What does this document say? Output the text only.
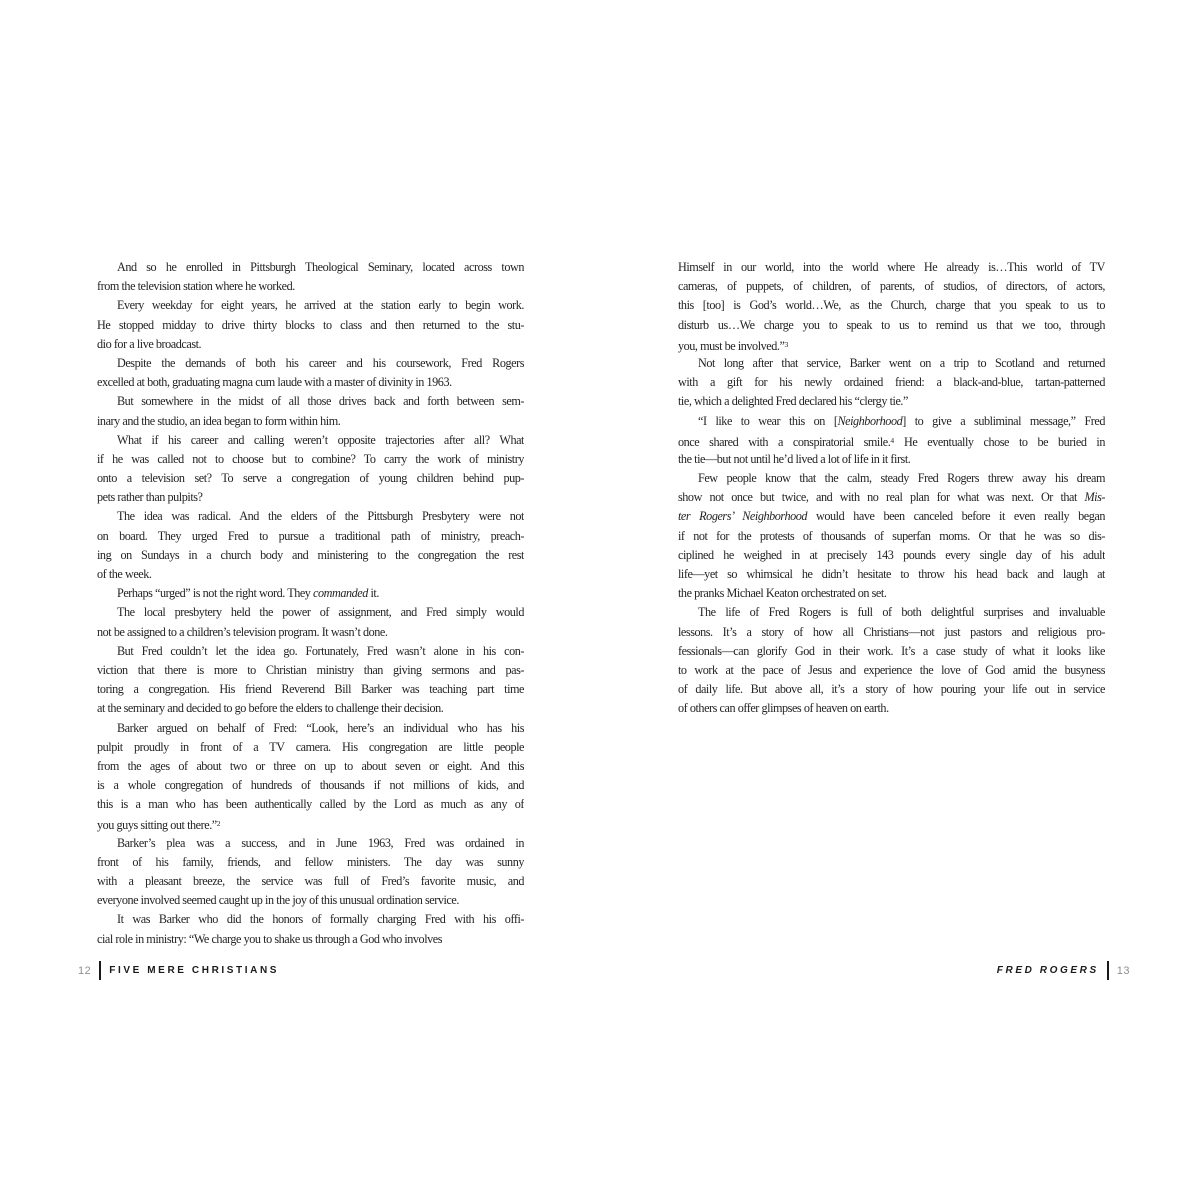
And so he enrolled in Pittsburgh Theological Seminary, located across town
from the television station where he worked.
Every weekday for eight years, he arrived at the station early to begin work.
He stopped midday to drive thirty blocks to class and then returned to the stu-
dio for a live broadcast.
Despite the demands of both his career and his coursework, Fred Rogers
excelled at both, graduating magna cum laude with a master of divinity in 1963.
But somewhere in the midst of all those drives back and forth between sem-
inary and the studio, an idea began to form within him.
What if his career and calling weren’t opposite trajectories after all? What
if he was called not to choose but to combine? To carry the work of ministry
onto a television set? To serve a congregation of young children behind pup-
pets rather than pulpits?
The idea was radical. And the elders of the Pittsburgh Presbytery were not
on board. They urged Fred to pursue a traditional path of ministry, preach-
ing on Sundays in a church body and ministering to the congregation the rest
of the week.
Perhaps “urged” is not the right word. They commanded it.
The local presbytery held the power of assignment, and Fred simply would
not be assigned to a children’s television program. It wasn’t done.
But Fred couldn’t let the idea go. Fortunately, Fred wasn’t alone in his con-
viction that there is more to Christian ministry than giving sermons and pas-
toring a congregation. His friend Reverend Bill Barker was teaching part time
at the seminary and decided to go before the elders to challenge their decision.
Barker argued on behalf of Fred: “Look, here’s an individual who has his
pulpit proudly in front of a TV camera. His congregation are little people
from the ages of about two or three on up to about seven or eight. And this
is a whole congregation of hundreds of thousands if not millions of kids, and
this is a man who has been authentically called by the Lord as much as any of
you guys sitting out there.”$^2$
Barker’s plea was a success, and in June 1963, Fred was ordained in
front of his family, friends, and fellow ministers. The day was sunny
with a pleasant breeze, the service was full of Fred’s favorite music, and
everyone involved seemed caught up in the joy of this unusual ordination service.
It was Barker who did the honors of formally charging Fred with his offi-
cial role in ministry: “We charge you to shake us through a God who involves
Himself in our world, into the world where He already is…This world of TV
cameras, of puppets, of children, of parents, of studios, of directors, of actors,
this [too] is God’s world…We, as the Church, charge that you speak to us to
disturb us…We charge you to speak to us to remind us that we too, through
you, must be involved.”$^3$
Not long after that service, Barker went on a trip to Scotland and returned
with a gift for his newly ordained friend: a black-and-blue, tartan-patterned
tie, which a delighted Fred declared his “clergy tie.”
“I like to wear this on [Neighborhood] to give a subliminal message,” Fred
once shared with a conspiratorial smile.$^4$ He eventually chose to be buried in
the tie—but not until he’d lived a lot of life in it first.
Few people know that the calm, steady Fred Rogers threw away his dream
show not once but twice, and with no real plan for what was next. Or that Mis-
ter Rogers’ Neighborhood would have been canceled before it even really began
if not for the protests of thousands of superfan moms. Or that he was so dis-
ciplined he weighed in at precisely 143 pounds every single day of his adult
life—yet so whimsical he didn’t hesitate to throw his head back and laugh at
the pranks Michael Keaton orchestrated on set.
The life of Fred Rogers is full of both delightful surprises and invaluable
lessons. It’s a story of how all Christians—not just pastors and religious pro-
fessionals—can glorify God in their work. It’s a case study of what it looks like
to work at the pace of Jesus and experience the love of God amid the busyness
of daily life. But above all, it’s a story of how pouring your life out in service
of others can offer glimpses of heaven on earth.
12 FIVE MERE CHRISTIANS	FRED ROGERS 13
